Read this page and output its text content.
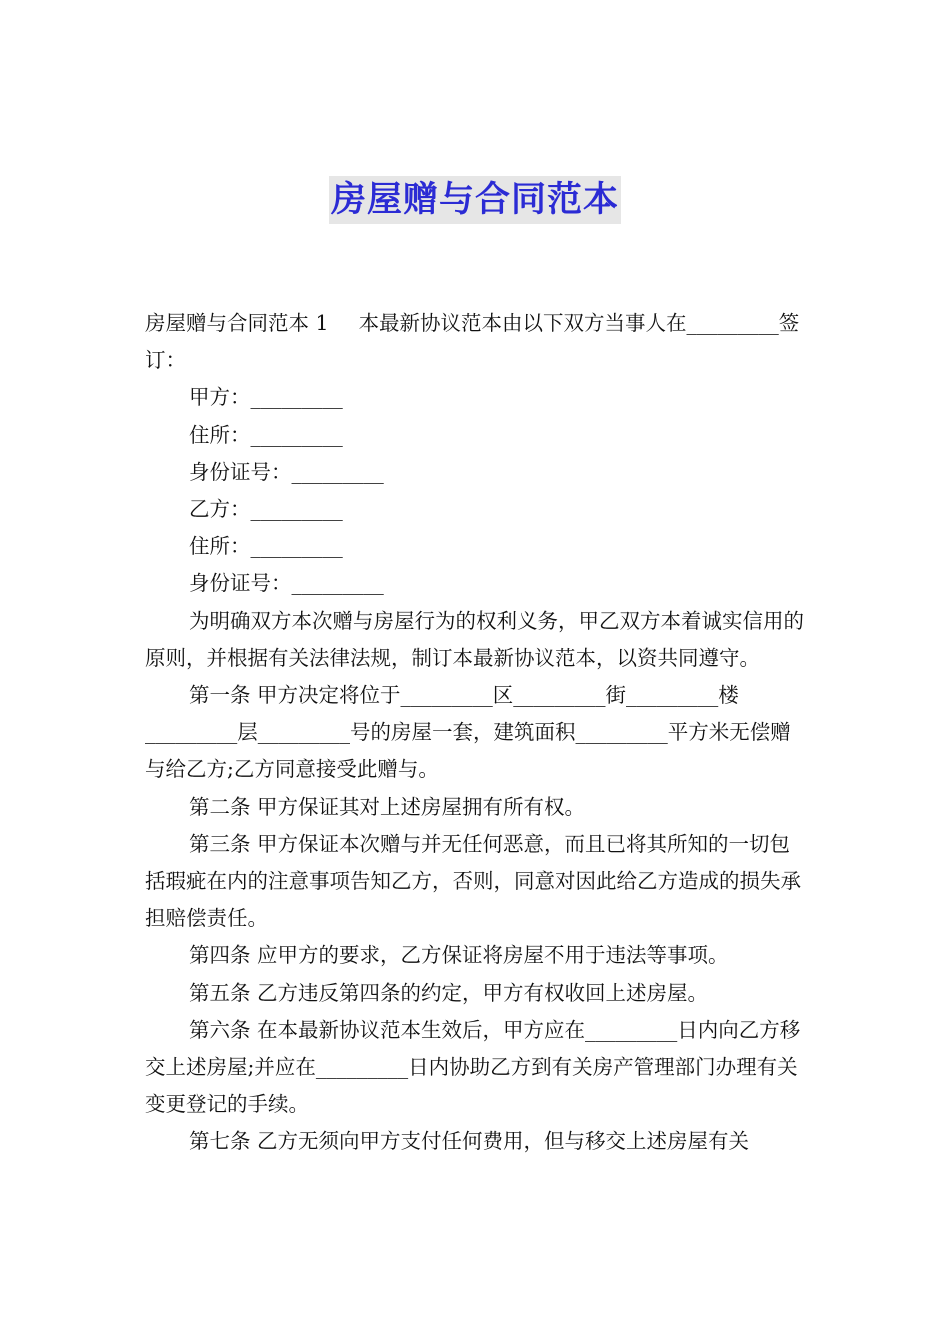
房屋赠与合同范本

房屋赠与合同范本 1 本最新协议范本由以下双方当事人在_________签订：

甲方：_________

住所：_________

身份证号：_________

乙方：_________

住所：_________

身份证号：_________

为明确双方本次赠与房屋行为的权利义务，甲乙双方本着诚实信用的原则，并根据有关法律法规，制订本最新协议范本，以资共同遵守。

第一条 甲方决定将位于_________区_________街_________楼_________层_________号的房屋一套，建筑面积_________平方米无偿赠与给乙方;乙方同意接受此赠与。

第二条 甲方保证其对上述房屋拥有所有权。

第三条 甲方保证本次赠与并无任何恶意，而且已将其所知的一切包括瑕疵在内的注意事项告知乙方，否则，同意对因此给乙方造成的损失承担赔偿责任。

第四条 应甲方的要求，乙方保证将房屋不用于违法等事项。

第五条 乙方违反第四条的约定，甲方有权收回上述房屋。

第六条 在本最新协议范本生效后，甲方应在_________日内向乙方移交上述房屋;并应在_________日内协助乙方到有关房产管理部门办理有关变更登记的手续。

第七条 乙方无须向甲方支付任何费用，但与移交上述房屋有关
